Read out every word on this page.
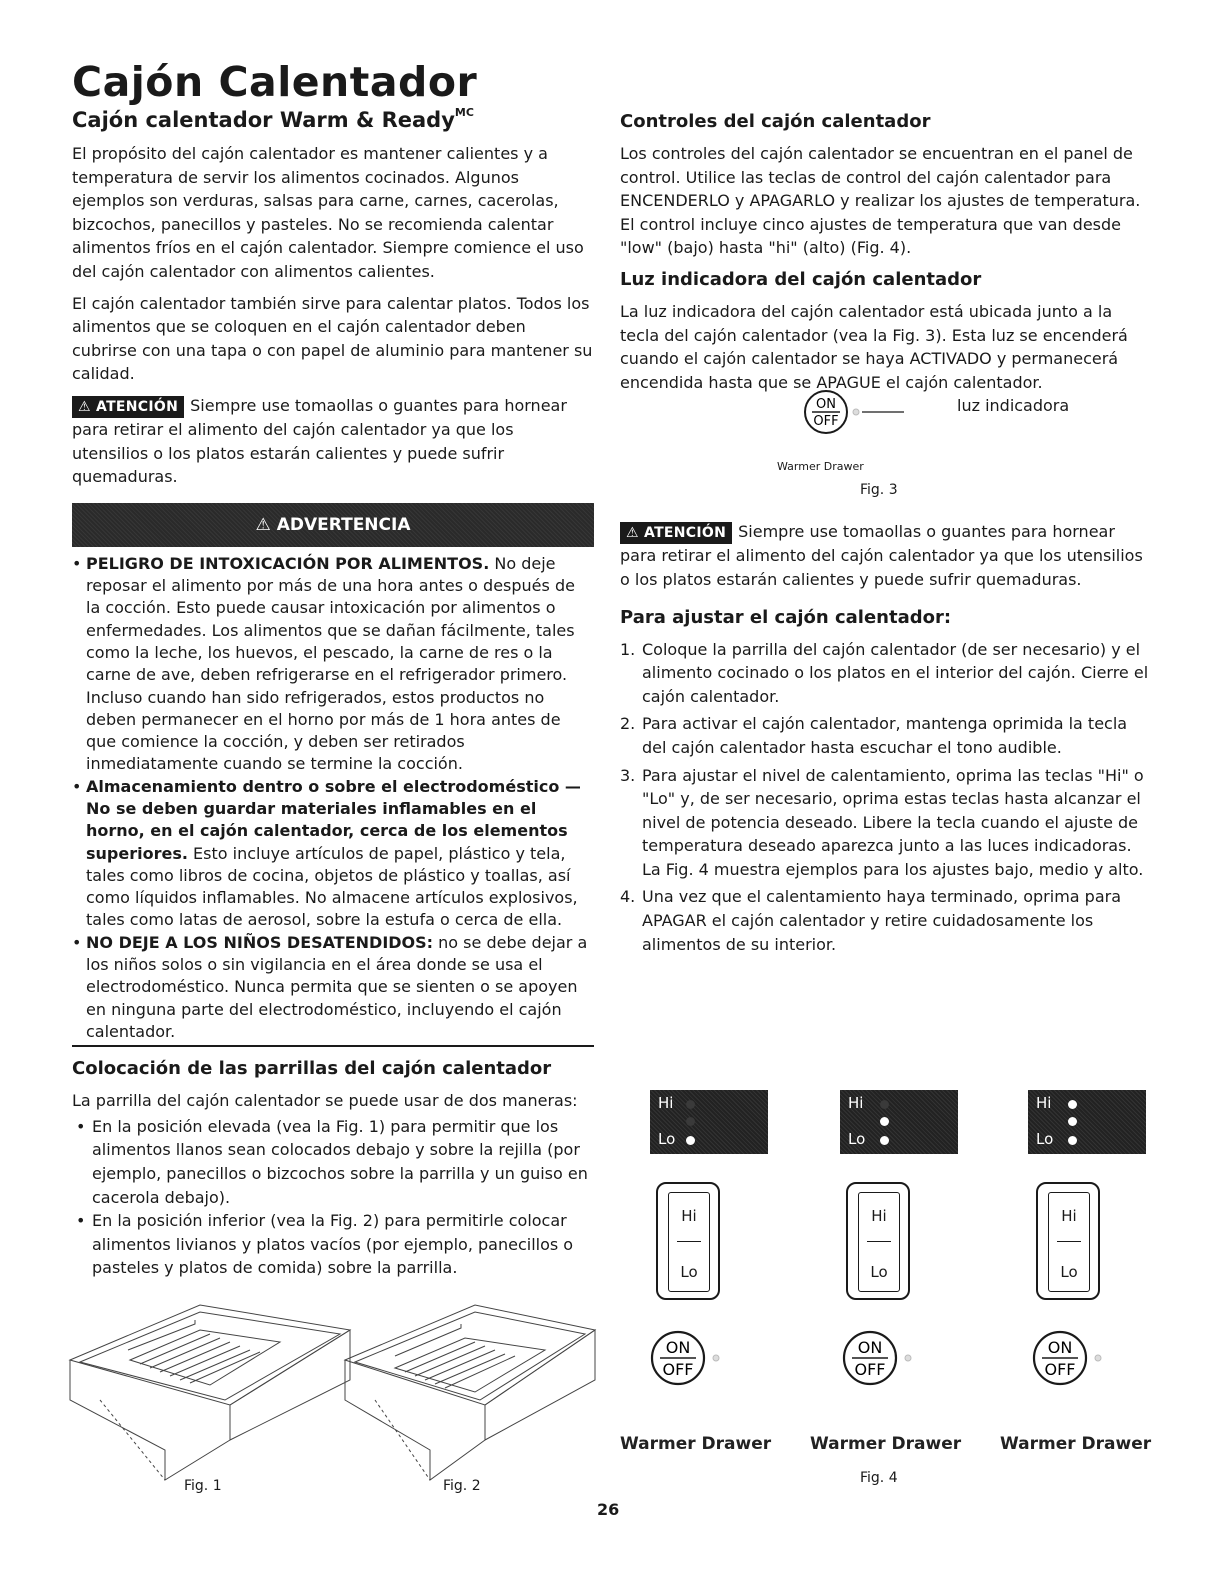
Cajón Calentador
Cajón calentador Warm & Ready$^{MC}$

El propósito del cajón calentador es mantener calientes y a temperatura de servir los alimentos cocinados. Algunos ejemplos son verduras, salsas para carne, carnes, cacerolas, bizcochos, panecillos y pasteles. No se recomienda calentar alimentos fríos en el cajón calentador. Siempre comience el uso del cajón calentador con alimentos calientes.

El cajón calentador también sirve para calentar platos. Todos los alimentos que se coloquen en el cajón calentador deben cubrirse con una tapa o con papel de aluminio para mantener su calidad.

⚠ ATENCIÓN Siempre use tomaollas o guantes para hornear para retirar el alimento del cajón calentador ya que los utensilios o los platos estarán calientes y puede sufrir quemaduras.

⚠ ADVERTENCIA
• PELIGRO DE INTOXICACIÓN POR ALIMENTOS. No deje reposar el alimento por más de una hora antes o después de la cocción. Esto puede causar intoxicación por alimentos o enfermedades. Los alimentos que se dañan fácilmente, tales como la leche, los huevos, el pescado, la carne de res o la carne de ave, deben refrigerarse en el refrigerador primero. Incluso cuando han sido refrigerados, estos productos no deben permanecer en el horno por más de 1 hora antes de que comience la cocción, y deben ser retirados inmediatamente cuando se termine la cocción.
• Almacenamiento dentro o sobre el electrodoméstico — No se deben guardar materiales inflamables en el horno, en el cajón calentador, cerca de los elementos superiores. Esto incluye artículos de papel, plástico y tela, tales como libros de cocina, objetos de plástico y toallas, así como líquidos inflamables. No almacene artículos explosivos, tales como latas de aerosol, sobre la estufa o cerca de ella.
• NO DEJE A LOS NIÑOS DESATENDIDOS: no se debe dejar a los niños solos o sin vigilancia en el área donde se usa el electrodoméstico. Nunca permita que se sienten o se apoyen en ninguna parte del electrodoméstico, incluyendo el cajón calentador.
Colocación de las parrillas del cajón calentador

La parrilla del cajón calentador se puede usar de dos maneras:

• En la posición elevada (vea la Fig. 1) para permitir que los alimentos llanos sean colocados debajo y sobre la rejilla (por ejemplo, panecillos o bizcochos sobre la parrilla y un guiso en cacerola debajo).
• En la posición inferior (vea la Fig. 2) para permitirle colocar alimentos livianos y platos vacíos (por ejemplo, panecillos o pasteles y platos de comida) sobre la parrilla.
Fig. 1	Fig. 2
Controles del cajón calentador

Los controles del cajón calentador se encuentran en el panel de control. Utilice las teclas de control del cajón calentador para ENCENDERLO y APAGARLO y realizar los ajustes de temperatura. El control incluye cinco ajustes de temperatura que van desde "low" (bajo) hasta "hi" (alto) (Fig. 4).

Luz indicadora del cajón calentador

La luz indicadora del cajón calentador está ubicada junto a la tecla del cajón calentador (vea la Fig. 3). Esta luz se encenderá cuando el cajón calentador se haya ACTIVADO y permanecerá encendida hasta que se APAGUE el cajón calentador.

ON
OFF
luz indicadora
Warmer Drawer
Fig. 3

⚠ ATENCIÓN Siempre use tomaollas o guantes para hornear para retirar el alimento del cajón calentador ya que los utensilios o los platos estarán calientes y puede sufrir quemaduras.

Para ajustar el cajón calentador:
1. Coloque la parrilla del cajón calentador (de ser necesario) y el alimento cocinado o los platos en el interior del cajón. Cierre el cajón calentador.
2. Para activar el cajón calentador, mantenga oprimida la tecla del cajón calentador hasta escuchar el tono audible.
3. Para ajustar el nivel de calentamiento, oprima las teclas "Hi" o "Lo" y, de ser necesario, oprima estas teclas hasta alcanzar el nivel de potencia deseado. Libere la tecla cuando el ajuste de temperatura deseado aparezca junto a las luces indicadoras. La Fig. 4 muestra ejemplos para los ajustes bajo, medio y alto.
4. Una vez que el calentamiento haya terminado, oprima para APAGAR el cajón calentador y retire cuidadosamente los alimentos de su interior.
Hi
Lo
Hi
Lo
Hi
Lo
Hi
Lo
Hi
Lo
Hi
Lo
ON
OFF
ON
OFF
ON
OFF
Warmer Drawer Warmer Drawer Warmer Drawer
Fig. 4
26
